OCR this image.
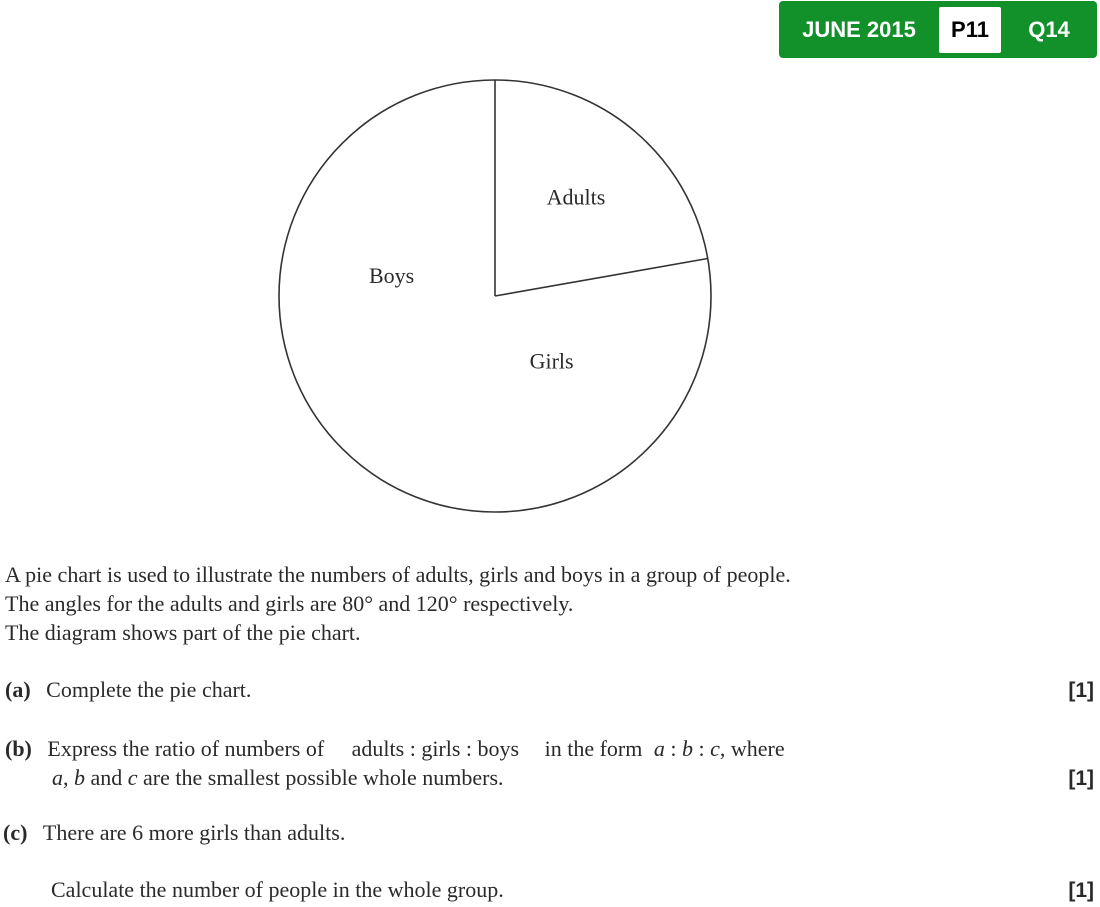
JUNE 2015	P11	Q14
Adults
Girls
Boys
A pie chart is used to illustrate the numbers of adults, girls and boys in a group of people.
The angles for the adults and girls are 80° and 120° respectively.
The diagram shows part of the pie chart.
(a) Complete the pie chart.	[1]
(b) Express the ratio of numbers of adults : girls : boys in the form a : b : c, where
a, b and c are the smallest possible whole numbers.	[1]
(c) There are 6 more girls than adults.
Calculate the number of people in the whole group.	[1]
